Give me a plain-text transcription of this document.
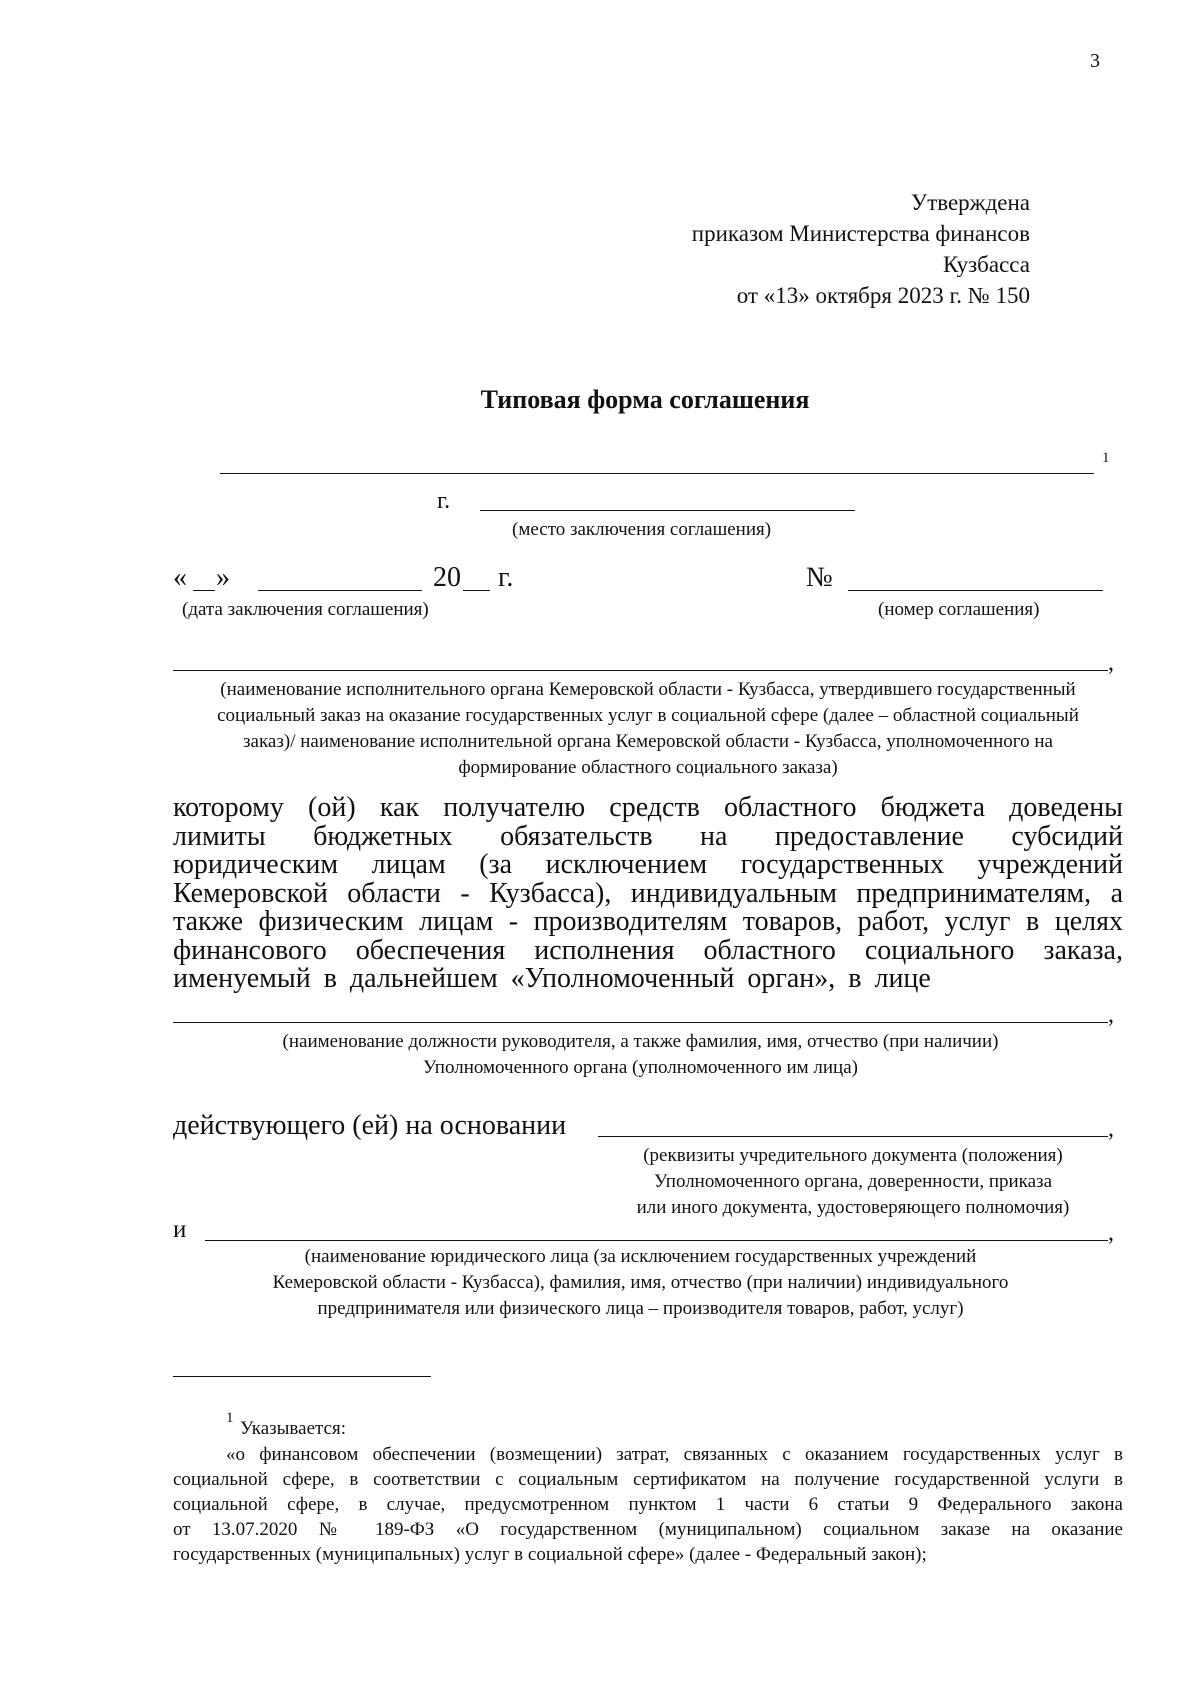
3
Утверждена
приказом Министерства финансов
Кузбасса
от «13» октября 2023 г. № 150
Типовая форма соглашения
1
г.
(место заключения соглашения)
« »	20 г.
(дата заключения соглашения)
№
(номер соглашения)
,
(наименование исполнительного органа Кемеровской области - Кузбасса, утвердившего государственный
социальный заказ на оказание государственных услуг в социальной сфере (далее – областной социальный
заказ)/ наименование исполнительной органа Кемеровской области - Кузбасса, уполномоченного на
формирование областного социального заказа)
которому (ой) как получателю средств областного бюджета доведены
лимиты бюджетных обязательств на предоставление субсидий
юридическим лицам (за исключением государственных учреждений
Кемеровской области - Кузбасса), индивидуальным предпринимателям, а
также физическим лицам - производителям товаров, работ, услуг в целях
финансового обеспечения исполнения областного социального заказа,
именуемый в дальнейшем «Уполномоченный орган», в лице
,
(наименование должности руководителя, а также фамилия, имя, отчество (при наличии)
Уполномоченного органа (уполномоченного им лица)
действующего (ей) на основании	,
(реквизиты учредительного документа (положения)
Уполномоченного органа, доверенности, приказа
или иного документа, удостоверяющего полномочия)
и	,
(наименование юридического лица (за исключением государственных учреждений
Кемеровской области - Кузбасса), фамилия, имя, отчество (при наличии) индивидуального
предпринимателя или физического лица – производителя товаров, работ, услуг)
1 Указывается:
«о финансовом обеспечении (возмещении) затрат, связанных с оказанием государственных услуг в
социальной сфере, в соответствии с социальным сертификатом на получение государственной услуги в
социальной сфере, в случае, предусмотренном пунктом 1 части 6 статьи 9 Федерального закона
от 13.07.2020 № 189-ФЗ «О государственном (муниципальном) социальном заказе на оказание
государственных (муниципальных) услуг в социальной сфере» (далее - Федеральный закон);
